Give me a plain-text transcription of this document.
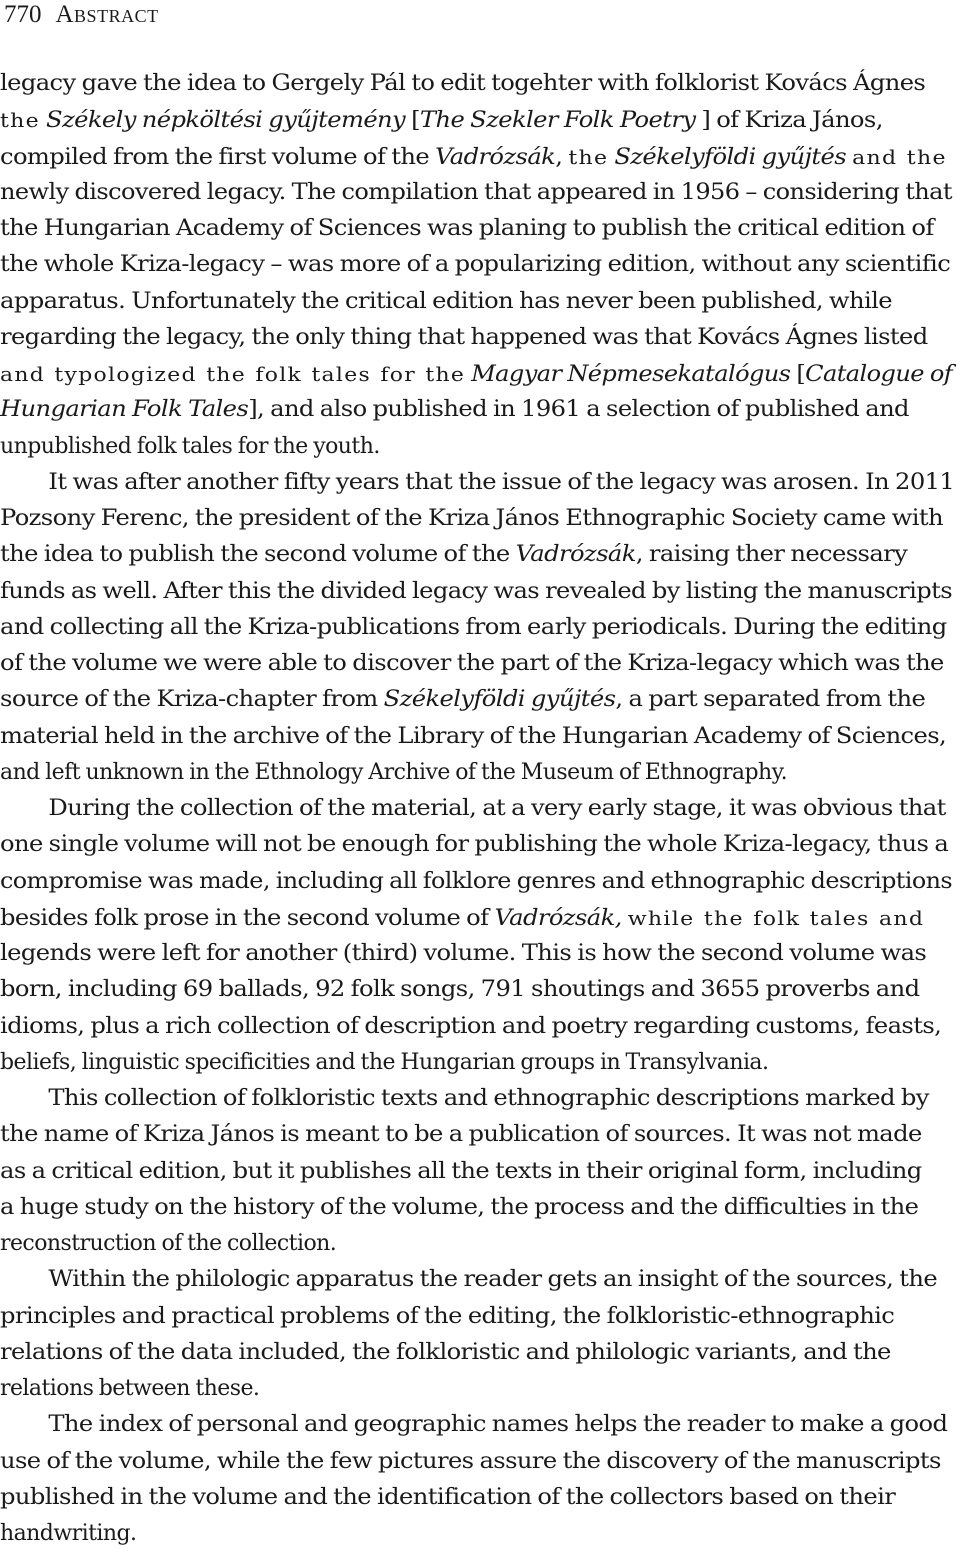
770 Abstract
legacy gave the idea to Gergely Pál to edit togehter with folklorist Kovács Ágnes
the Székely népköltési gyűjtemény [The Szekler Folk Poetry ] of Kriza János,
compiled from the first volume of the Vadrózsák, the Székelyföldi gyűjtés and the
newly discovered legacy. The compilation that appeared in 1956 – considering that
the Hungarian Academy of Sciences was planing to publish the critical edition of
the whole Kriza-legacy – was more of a popularizing edition, without any scientific
apparatus. Unfortunately the critical edition has never been published, while
regarding the legacy, the only thing that happened was that Kovács Ágnes listed
and typologized the folk tales for the Magyar Népmesekatalógus [Catalogue of
Hungarian Folk Tales], and also published in 1961 a selection of published and
unpublished folk tales for the youth.
It was after another fifty years that the issue of the legacy was arosen. In 2011
Pozsony Ferenc, the president of the Kriza János Ethnographic Society came with
the idea to publish the second volume of the Vadrózsák, raising ther necessary
funds as well. After this the divided legacy was revealed by listing the manuscripts
and collecting all the Kriza-publications from early periodicals. During the editing
of the volume we were able to discover the part of the Kriza-legacy which was the
source of the Kriza-chapter from Székelyföldi gyűjtés, a part separated from the
material held in the archive of the Library of the Hungarian Academy of Sciences,
and left unknown in the Ethnology Archive of the Museum of Ethnography.
During the collection of the material, at a very early stage, it was obvious that
one single volume will not be enough for publishing the whole Kriza-legacy, thus a
compromise was made, including all folklore genres and ethnographic descriptions
besides folk prose in the second volume of Vadrózsák, while the folk tales and
legends were left for another (third) volume. This is how the second volume was
born, including 69 ballads, 92 folk songs, 791 shoutings and 3655 proverbs and
idioms, plus a rich collection of description and poetry regarding customs, feasts,
beliefs, linguistic specificities and the Hungarian groups in Transylvania.
This collection of folkloristic texts and ethnographic descriptions marked by
the name of Kriza János is meant to be a publication of sources. It was not made
as a critical edition, but it publishes all the texts in their original form, including
a huge study on the history of the volume, the process and the difficulties in the
reconstruction of the collection.
Within the philologic apparatus the reader gets an insight of the sources, the
principles and practical problems of the editing, the folkloristic-ethnographic
relations of the data included, the folkloristic and philologic variants, and the
relations between these.
The index of personal and geographic names helps the reader to make a good
use of the volume, while the few pictures assure the discovery of the manuscripts
published in the volume and the identification of the collectors based on their
handwriting.
